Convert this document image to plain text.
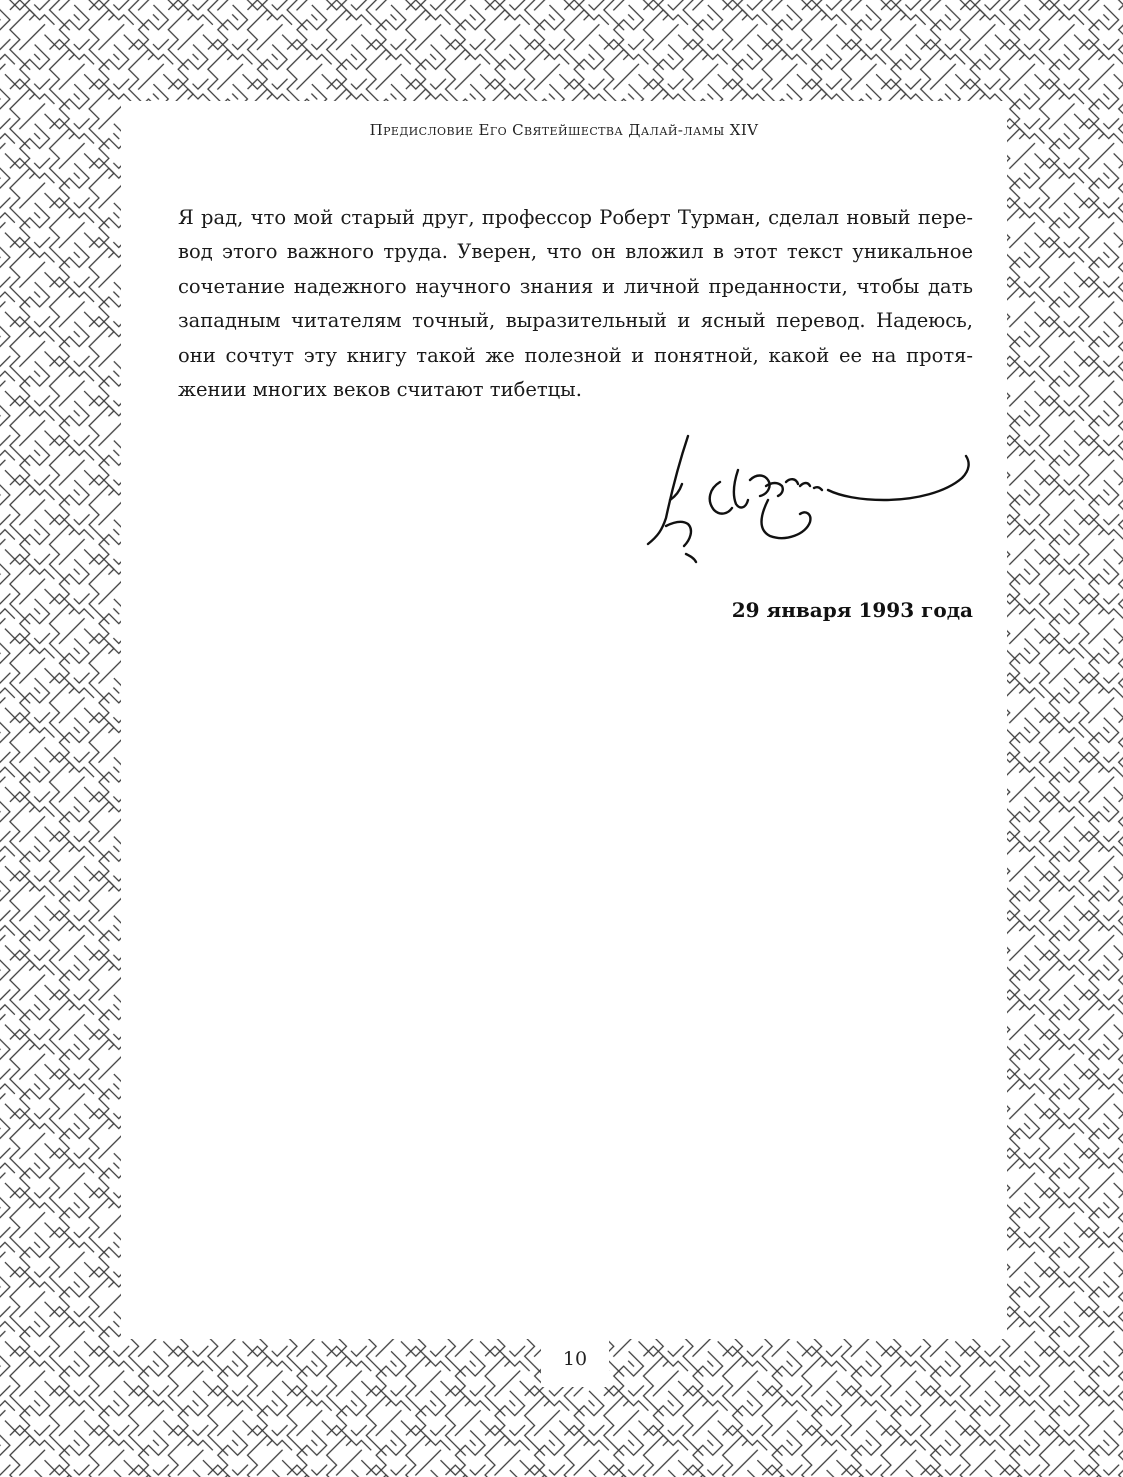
Предисловие Его Святейшества Далай-ламы XIV
Я рад, что мой старый друг, профессор Роберт Турман, сделал новый пере-
вод этого важного труда. Уверен, что он вложил в этот текст уникальное
сочетание надежного научного знания и личной преданности, чтобы дать
западным читателям точный, выразительный и ясный перевод. Надеюсь,
они сочтут эту книгу такой же полезной и понятной, какой ее на протя-
жении многих веков считают тибетцы.
29 января 1993 года
10
